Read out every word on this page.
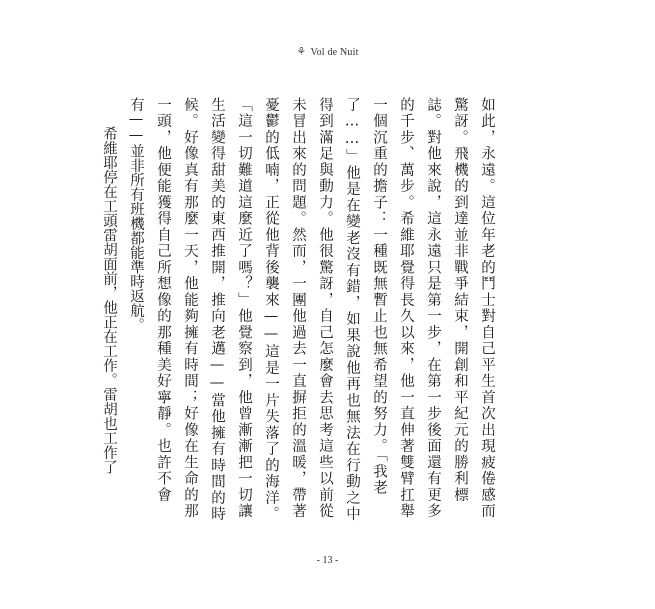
⚘ Vol de Nuit
如此，永遠。這位年老的鬥士對自己平生首次出現疲倦感而
驚訝。飛機的到達並非戰爭結束，開創和平紀元的勝利標
誌。對他來說，這永遠只是第一步，在第一步後面還有更多
的千步、萬步。希維耶覺得長久以來，他一直伸著雙臂扛舉
一個沉重的擔子：一種既無暫止也無希望的努力。「我老
了……」他是在變老沒有錯，如果說他再也無法在行動之中
得到滿足與動力。他很驚訝，自己怎麼會去思考這些以前從
未冒出來的問題。然而，一團他過去一直摒拒的溫暖，帶著
憂鬱的低喃，正從他背後襲來——這是一片失落了的海洋。
「這一切難道這麼近了嗎？」他覺察到，他曾漸漸把一切讓
生活變得甜美的東西推開，推向老邁——當他擁有時間的時
候。好像真有那麼一天，他能夠擁有時間；好像在生命的那
一頭，他便能獲得自己所想像的那種美好寧靜。也許不會
有——並非所有班機都能準時返航。
希維耶停在工頭雷胡面前，他正在工作。雷胡也工作了
- 13 -
